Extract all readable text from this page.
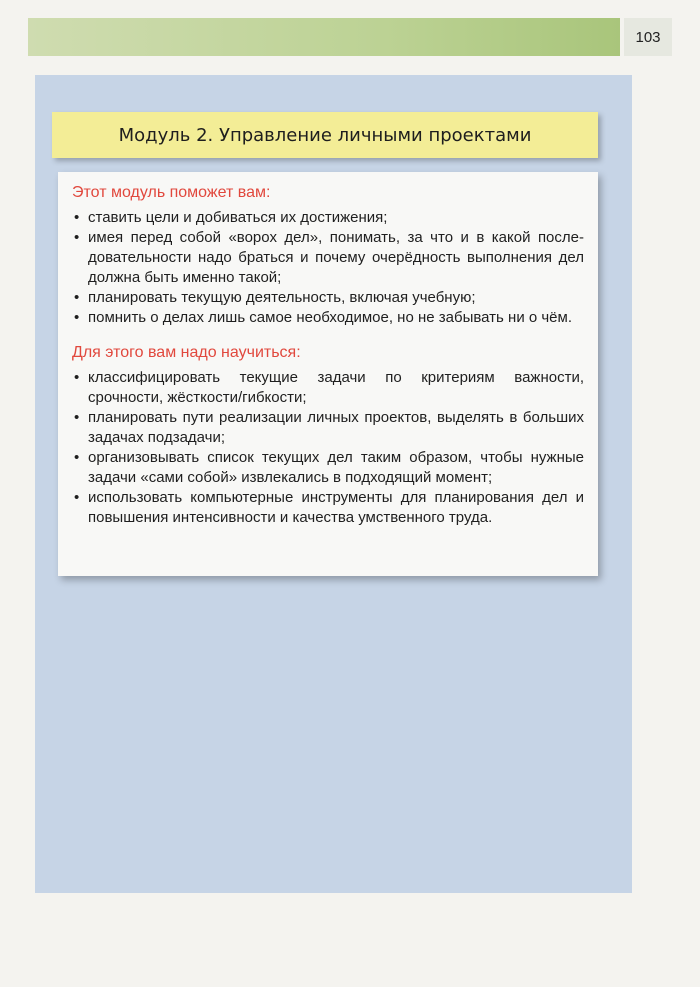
103
Модуль 2. Управление личными проектами
Этот модуль поможет вам:
• ставить цели и добиваться их достижения;
• имея перед собой «ворох дел», понимать, за что и в какой после-довательности надо браться и почему очерёдность выполнения дел должна быть именно такой;
• планировать текущую деятельность, включая учебную;
• помнить о делах лишь самое необходимое, но не забывать ни о чём.
Для этого вам надо научиться:
• классифицировать текущие задачи по критериям важности, срочности, жёсткости/гибкости;
• планировать пути реализации личных проектов, выделять в больших задачах подзадачи;
• организовывать список текущих дел таким образом, чтобы нужные задачи «сами собой» извлекались в подходящий момент;
• использовать компьютерные инструменты для планирования дел и повышения интенсивности и качества умственного труда.
